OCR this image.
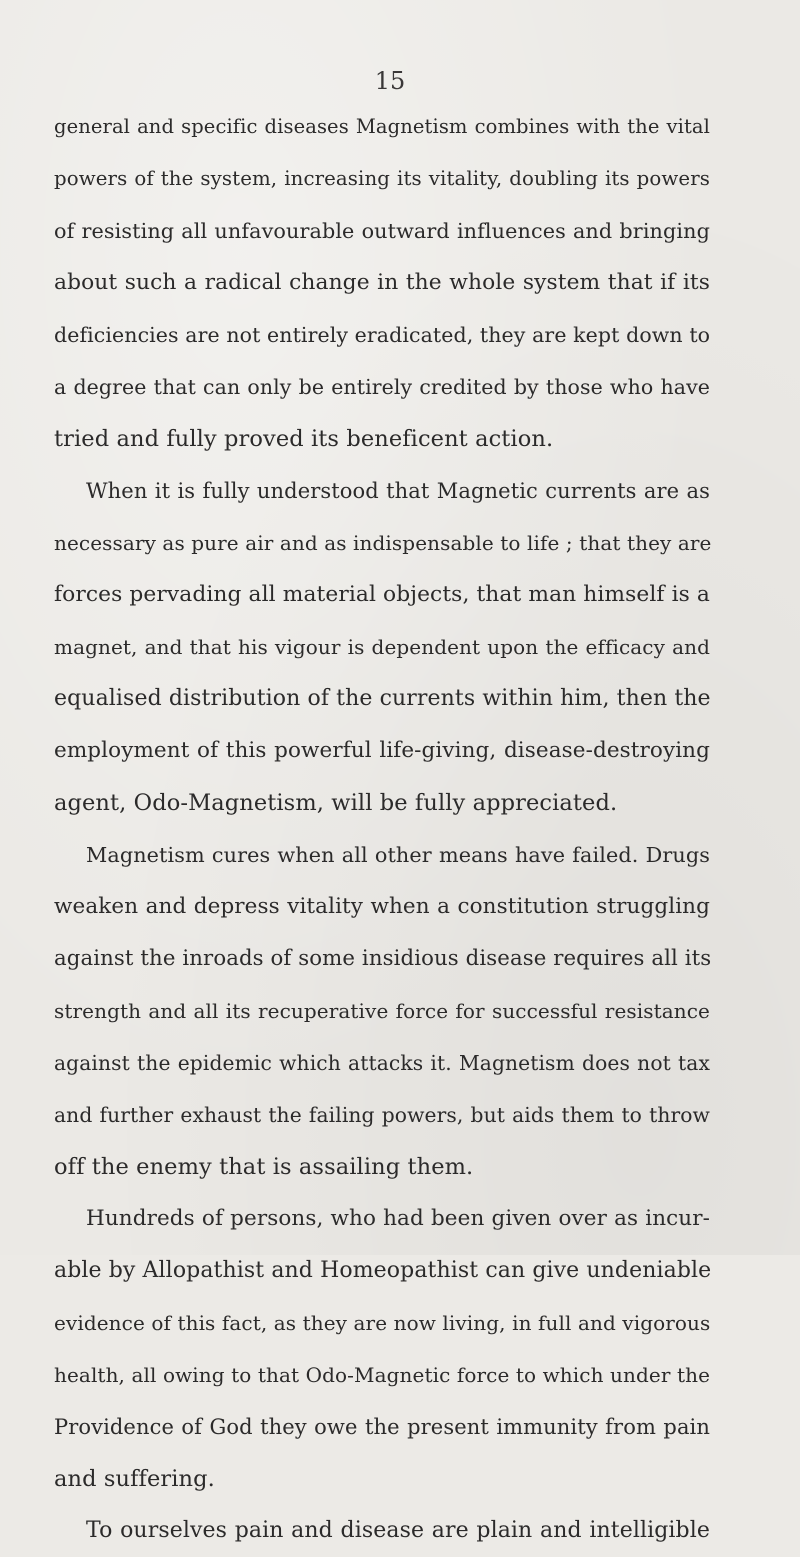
15
general and specific diseases Magnetism combines with the vital
powers of the system, increasing its vitality, doubling its powers
of resisting all unfavourable outward influences and bringing
about such a radical change in the whole system that if its
deficiencies are not entirely eradicated, they are kept down to
a degree that can only be entirely credited by those who have
tried and fully proved its beneficent action.
When it is fully understood that Magnetic currents are as
necessary as pure air and as indispensable to life ; that they are
forces pervading all material objects, that man himself is a
magnet, and that his vigour is dependent upon the efficacy and
equalised distribution of the currents within him, then the
employment of this powerful life-giving, disease-destroying
agent, Odo-Magnetism, will be fully appreciated.
Magnetism cures when all other means have failed. Drugs
weaken and depress vitality when a constitution struggling
against the inroads of some insidious disease requires all its
strength and all its recuperative force for successful resistance
against the epidemic which attacks it. Magnetism does not tax
and further exhaust the failing powers, but aids them to throw
off the enemy that is assailing them.
Hundreds of persons, who had been given over as incur-
able by Allopathist and Homeopathist can give undeniable
evidence of this fact, as they are now living, in full and vigorous
health, all owing to that Odo-Magnetic force to which under the
Providence of God they owe the present immunity from pain
and suffering.
To ourselves pain and disease are plain and intelligible
